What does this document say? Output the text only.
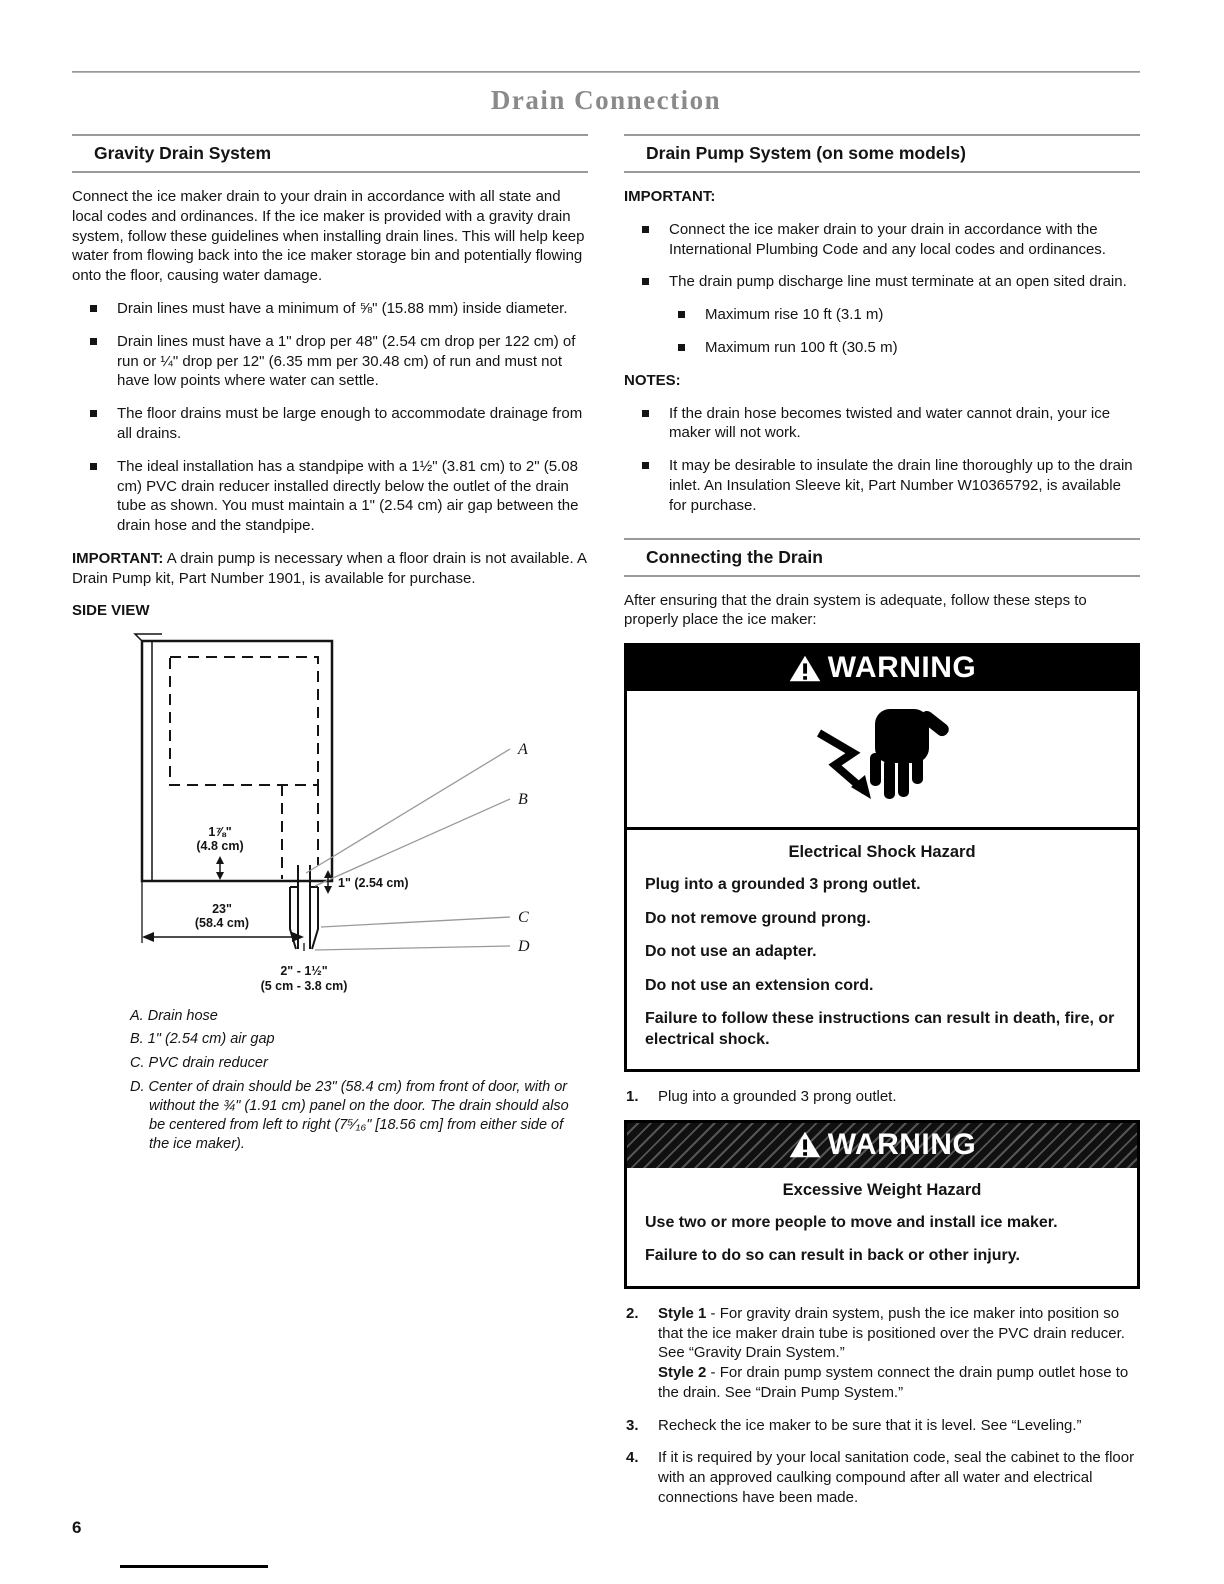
Drain Connection
Gravity Drain System

Connect the ice maker drain to your drain in accordance with all state and local codes and ordinances. If the ice maker is provided with a gravity drain system, follow these guidelines when installing drain lines. This will help keep water from flowing back into the ice maker storage bin and potentially flowing onto the floor, causing water damage.

Drain lines must have a minimum of ⅝" (15.88 mm) inside diameter.
Drain lines must have a 1" drop per 48" (2.54 cm drop per 122 cm) of run or ¼" drop per 12" (6.35 mm per 30.48 cm) of run and must not have low points where water can settle.
The floor drains must be large enough to accommodate drainage from all drains.
The ideal installation has a standpipe with a 1½" (3.81 cm) to 2" (5.08 cm) PVC drain reducer installed directly below the outlet of the drain tube as shown. You must maintain a 1" (2.54 cm) air gap between the drain hose and the standpipe.

IMPORTANT: A drain pump is necessary when a floor drain is not available. A Drain Pump kit, Part Number 1901, is available for purchase.

SIDE VIEW

A
B
C
D
1⅞"
(4.8 cm)
1" (2.54 cm)
23"
(58.4 cm)
2" - 1½"
(5 cm - 3.8 cm)

A. Drain hose

B. 1" (2.54 cm) air gap

C. PVC drain reducer

D. Center of drain should be 23" (58.4 cm) from front of door, with or without the ¾" (1.91 cm) panel on the door. The drain should also be centered from left to right (7⁵⁄₁₆" [18.56 cm] from either side of the ice maker).

Drain Pump System (on some models)

IMPORTANT:

Connect the ice maker drain to your drain in accordance with the International Plumbing Code and any local codes and ordinances.
The drain pump discharge line must terminate at an open sited drain.
Maximum rise 10 ft (3.1 m)
Maximum run 100 ft (30.5 m)

NOTES:

If the drain hose becomes twisted and water cannot drain, your ice maker will not work.
It may be desirable to insulate the drain line thoroughly up to the drain inlet. An Insulation Sleeve kit, Part Number W10365792, is available for purchase.
Connecting the Drain

After ensuring that the drain system is adequate, follow these steps to properly place the ice maker:

WARNING

Electrical Shock Hazard

Plug into a grounded 3 prong outlet.

Do not remove ground prong.

Do not use an adapter.

Do not use an extension cord.

Failure to follow these instructions can result in death, fire, or electrical shock.

1.	Plug into a grounded 3 prong outlet.
WARNING

Excessive Weight Hazard

Use two or more people to move and install ice maker.

Failure to do so can result in back or other injury.

2.	Style 1 - For gravity drain system, push the ice maker into position so that the ice maker drain tube is positioned over the PVC drain reducer. See “Gravity Drain System.”
Style 2 - For drain pump system connect the drain pump outlet hose to the drain. See “Drain Pump System.”
3.	Recheck the ice maker to be sure that it is level. See “Leveling.”
4.	If it is required by your local sanitation code, seal the cabinet to the floor with an approved caulking compound after all water and electrical connections have been made.
6
